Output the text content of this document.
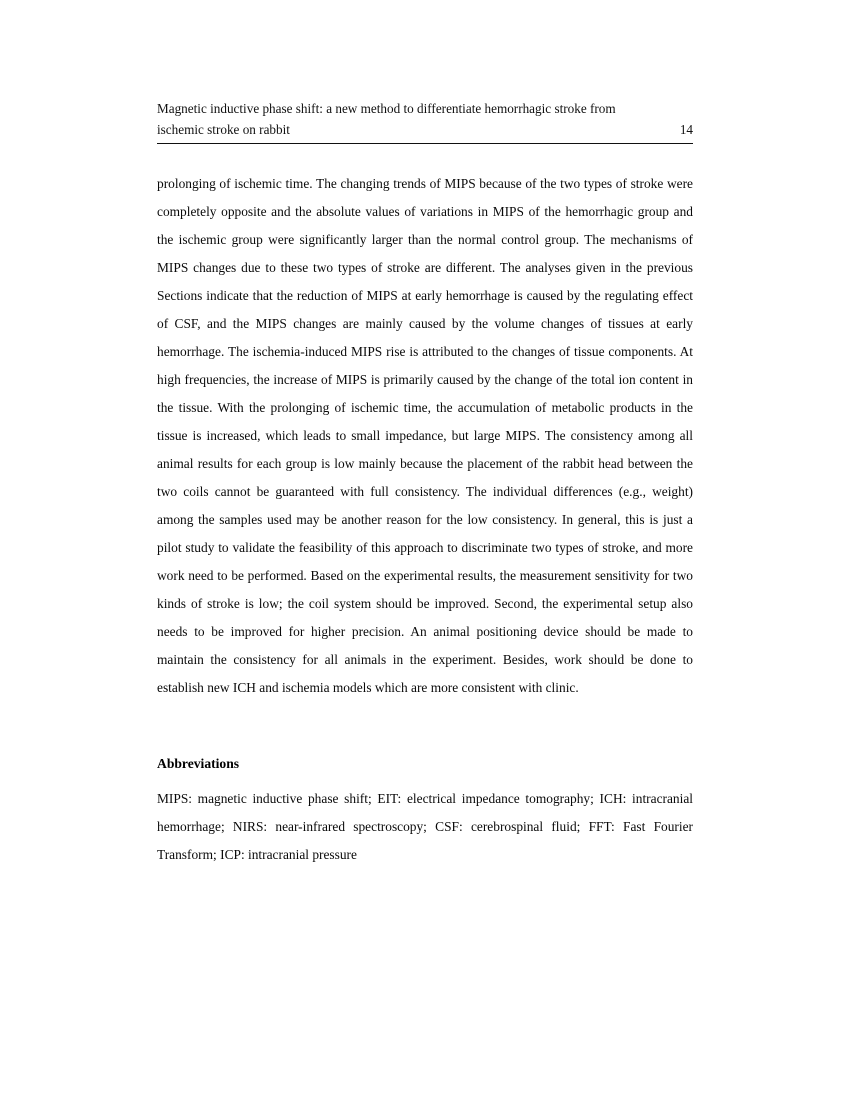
Magnetic inductive phase shift: a new method to differentiate hemorrhagic stroke from
ischemic stroke on rabbit	14

prolonging of ischemic time. The changing trends of MIPS because of the two types of stroke were completely opposite and the absolute values of variations in MIPS of the hemorrhagic group and the ischemic group were significantly larger than the normal control group. The mechanisms of MIPS changes due to these two types of stroke are different. The analyses given in the previous Sections indicate that the reduction of MIPS at early hemorrhage is caused by the regulating effect of CSF, and the MIPS changes are mainly caused by the volume changes of tissues at early hemorrhage. The ischemia-induced MIPS rise is attributed to the changes of tissue components. At high frequencies, the increase of MIPS is primarily caused by the change of the total ion content in the tissue. With the prolonging of ischemic time, the accumulation of metabolic products in the tissue is increased, which leads to small impedance, but large MIPS. The consistency among all animal results for each group is low mainly because the placement of the rabbit head between the two coils cannot be guaranteed with full consistency. The individual differences (e.g., weight) among the samples used may be another reason for the low consistency. In general, this is just a pilot study to validate the feasibility of this approach to discriminate two types of stroke, and more work need to be performed. Based on the experimental results, the measurement sensitivity for two kinds of stroke is low; the coil system should be improved. Second, the experimental setup also needs to be improved for higher precision. An animal positioning device should be made to maintain the consistency for all animals in the experiment. Besides, work should be done to establish new ICH and ischemia models which are more consistent with clinic.

Abbreviations

MIPS: magnetic inductive phase shift; EIT: electrical impedance tomography; ICH: intracranial hemorrhage; NIRS: near-infrared spectroscopy; CSF: cerebrospinal fluid; FFT: Fast Fourier Transform; ICP: intracranial pressure
